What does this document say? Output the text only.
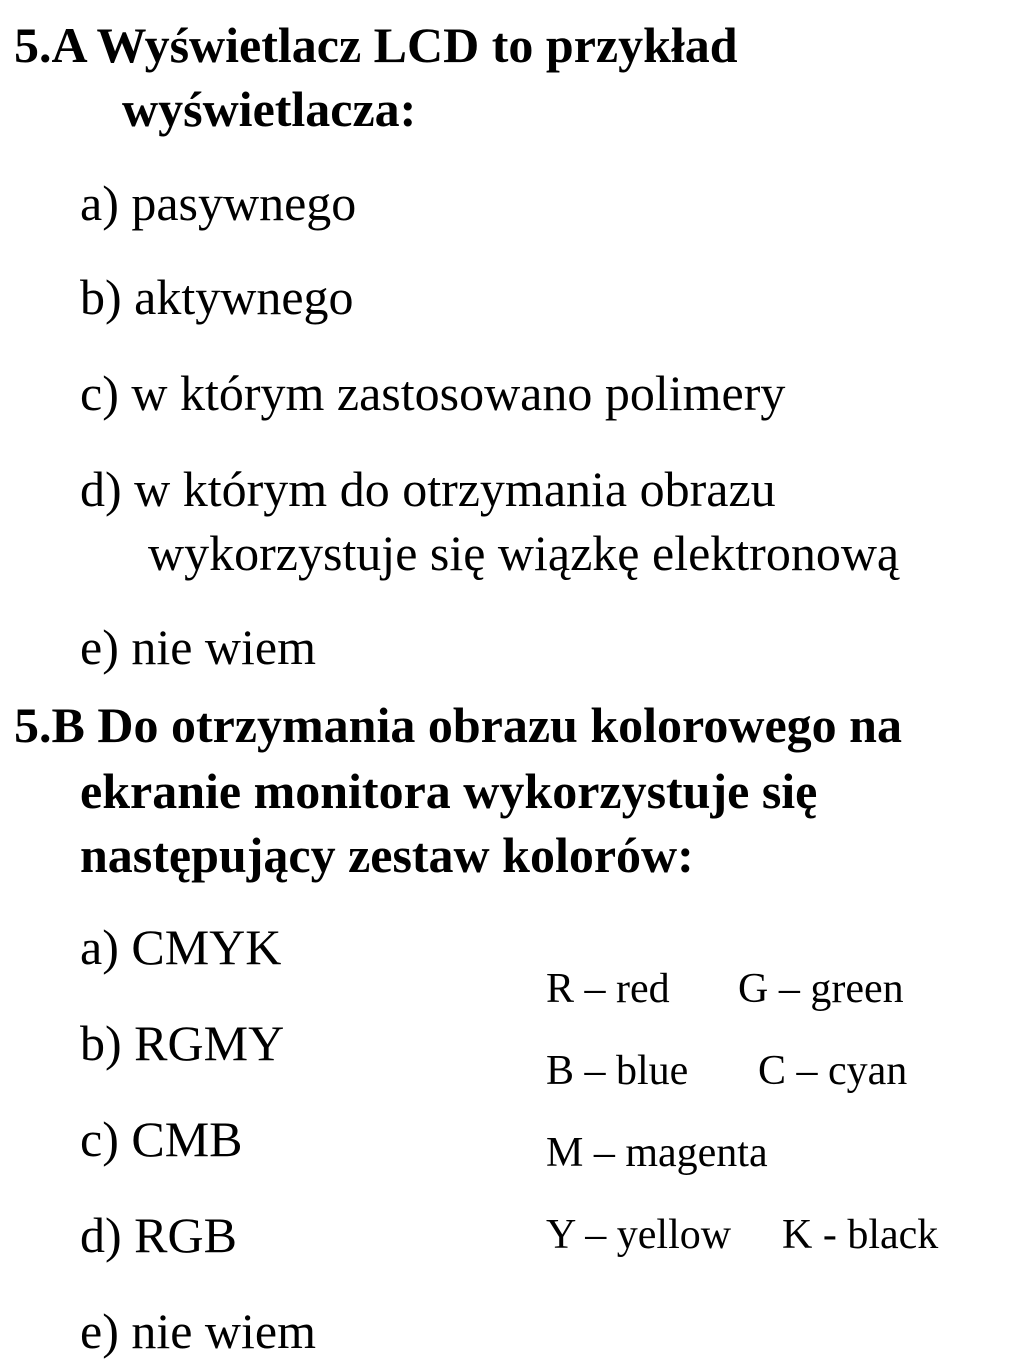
5.A Wyświetlacz LCD to przykład

wyświetlacza:

a) pasywnego

b) aktywnego

c) w którym zastosowano polimery

d) w którym do otrzymania obrazu

wykorzystuje się wiązkę elektronową

e) nie wiem

5.B Do otrzymania obrazu kolorowego na

ekranie monitora wykorzystuje się

następujący zestaw kolorów:

a) CMYK

b) RGMY

c) CMB

d) RGB

e) nie wiem

R – red G – green

B – blue C – cyan

M – magenta

Y – yellow K - black
